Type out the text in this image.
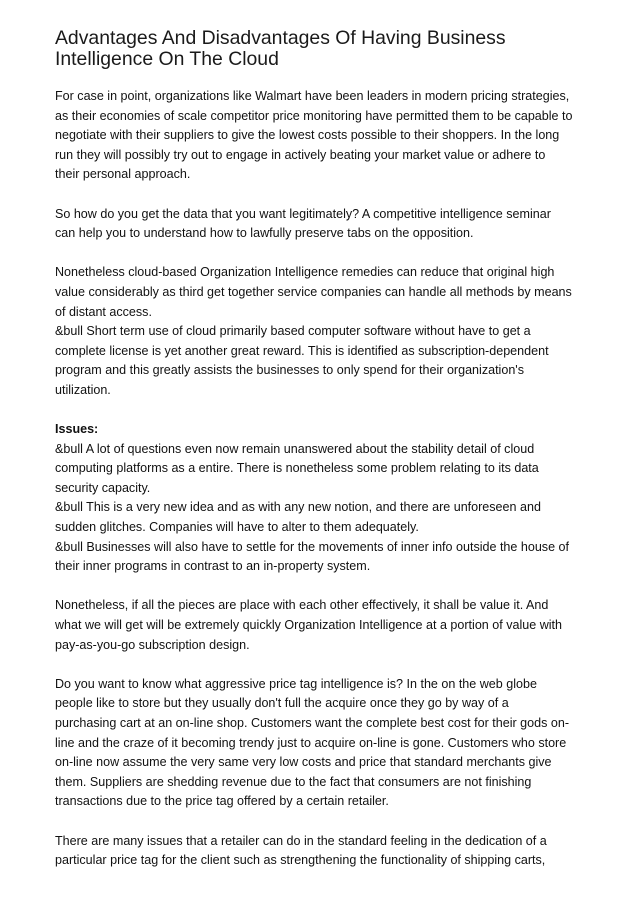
Advantages And Disadvantages Of Having Business
Intelligence On The Cloud

For case in point, organizations like Walmart have been leaders in modern pricing strategies,
as their economies of scale competitor price monitoring have permitted them to be capable to
negotiate with their suppliers to give the lowest costs possible to their shoppers. In the long
run they will possibly try out to engage in actively beating your market value or adhere to
their personal approach.

So how do you get the data that you want legitimately? A competitive intelligence seminar
can help you to understand how to lawfully preserve tabs on the opposition.

Nonetheless cloud-based Organization Intelligence remedies can reduce that original high
value considerably as third get together service companies can handle all methods by means
of distant access.
&bull Short term use of cloud primarily based computer software without have to get a
complete license is yet another great reward. This is identified as subscription-dependent
program and this greatly assists the businesses to only spend for their organization's
utilization.

Issues:
&bull A lot of questions even now remain unanswered about the stability detail of cloud
computing platforms as a entire. There is nonetheless some problem relating to its data
security capacity.
&bull This is a very new idea and as with any new notion, and there are unforeseen and
sudden glitches. Companies will have to alter to them adequately.
&bull Businesses will also have to settle for the movements of inner info outside the house of
their inner programs in contrast to an in-property system.

Nonetheless, if all the pieces are place with each other effectively, it shall be value it. And
what we will get will be extremely quickly Organization Intelligence at a portion of value with
pay-as-you-go subscription design.

Do you want to know what aggressive price tag intelligence is? In the on the web globe
people like to store but they usually don't full the acquire once they go by way of a
purchasing cart at an on-line shop. Customers want the complete best cost for their gods on-
line and the craze of it becoming trendy just to acquire on-line is gone. Customers who store
on-line now assume the very same very low costs and price that standard merchants give
them. Suppliers are shedding revenue due to the fact that consumers are not finishing
transactions due to the price tag offered by a certain retailer.

There are many issues that a retailer can do in the standard feeling in the dedication of a
particular price tag for the client such as strengthening the functionality of shipping carts,
